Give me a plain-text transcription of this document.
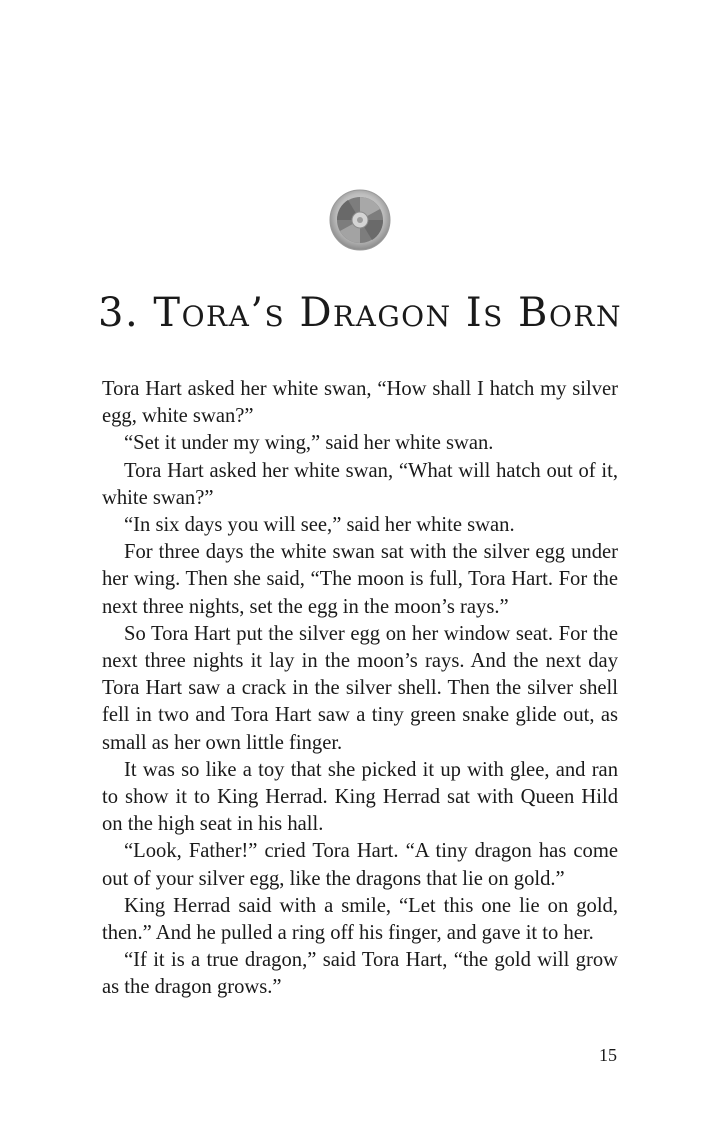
3. Tora’s Dragon Is Born

Tora Hart asked her white swan, “How shall I hatch my silver egg, white swan?”

“Set it under my wing,” said her white swan.

Tora Hart asked her white swan, “What will hatch out of it, white swan?”

“In six days you will see,” said her white swan.

For three days the white swan sat with the silver egg under her wing. Then she said, “The moon is full, Tora Hart. For the next three nights, set the egg in the moon’s rays.”

So Tora Hart put the silver egg on her window seat. For the next three nights it lay in the moon’s rays. And the next day Tora Hart saw a crack in the silver shell. Then the silver shell fell in two and Tora Hart saw a tiny green snake glide out, as small as her own little finger.

It was so like a toy that she picked it up with glee, and ran to show it to King Herrad. King Herrad sat with Queen Hild on the high seat in his hall.

“Look, Father!” cried Tora Hart. “A tiny dragon has come out of your silver egg, like the dragons that lie on gold.”

King Herrad said with a smile, “Let this one lie on gold, then.” And he pulled a ring off his finger, and gave it to her.

“If it is a true dragon,” said Tora Hart, “the gold will grow as the dragon grows.”

15
